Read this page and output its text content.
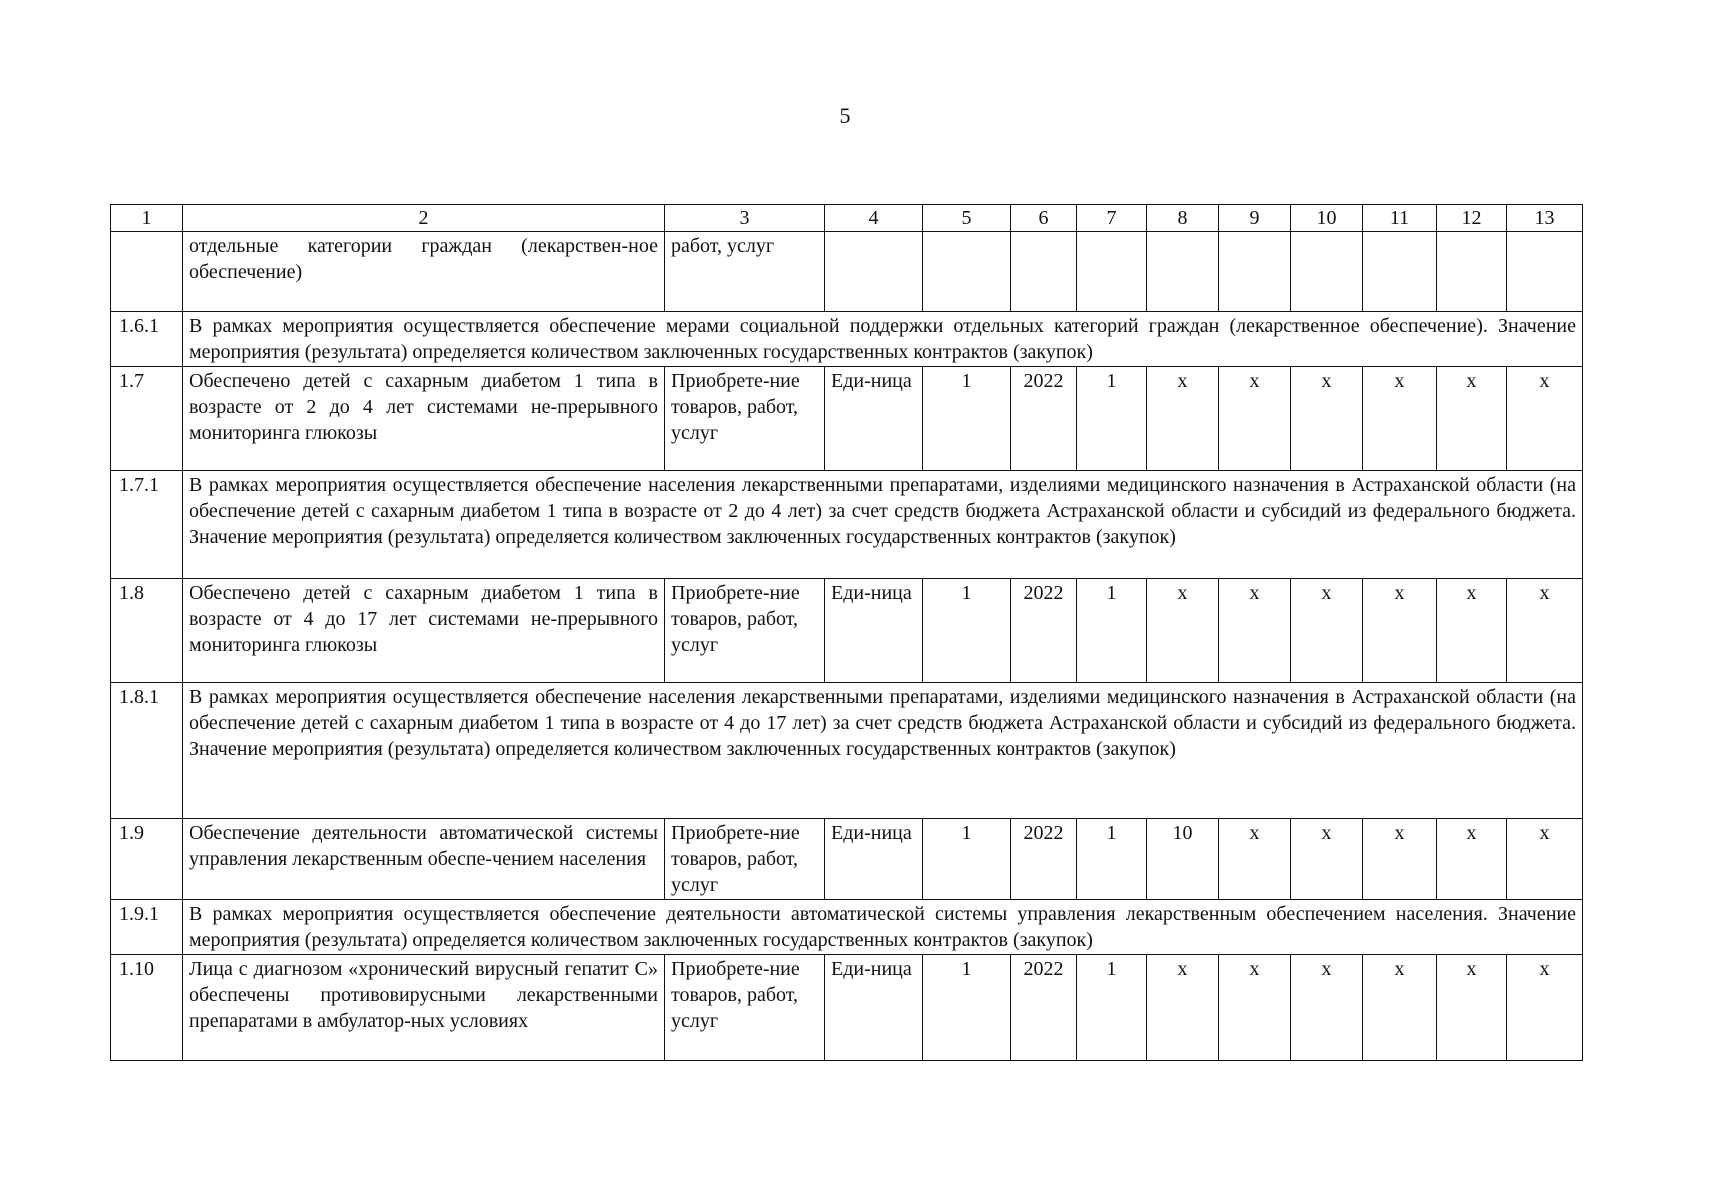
5
1	2	3	4	5	6	7	8	9	10	11	12	13
	отдельные категории граждан (лекарствен-ное обеспечение)	работ, услуг										
1.6.1	В рамках мероприятия осуществляется обеспечение мерами социальной поддержки отдельных категорий граждан (лекарственное обеспечение). Значение мероприятия (результата) определяется количеством заключенных государственных контрактов (закупок)											
1.7	Обеспечено детей с сахарным диабетом 1 типа в возрасте от 2 до 4 лет системами не-прерывного мониторинга глюкозы	Приобрете-ние товаров, работ, услуг	Еди-ница	1	2022	1	х	х	х	х	х	х
1.7.1	В рамках мероприятия осуществляется обеспечение населения лекарственными препаратами, изделиями медицинского назначения в Астраханской области (на обеспечение детей с сахарным диабетом 1 типа в возрасте от 2 до 4 лет) за счет средств бюджета Астраханской области и субсидий из федерального бюджета. Значение мероприятия (результата) определяется количеством заключенных государственных контрактов (закупок)											
1.8	Обеспечено детей с сахарным диабетом 1 типа в возрасте от 4 до 17 лет системами не-прерывного мониторинга глюкозы	Приобрете-ние товаров, работ, услуг	Еди-ница	1	2022	1	х	х	х	х	х	х
1.8.1	В рамках мероприятия осуществляется обеспечение населения лекарственными препаратами, изделиями медицинского назначения в Астраханской области (на обеспечение детей с сахарным диабетом 1 типа в возрасте от 4 до 17 лет) за счет средств бюджета Астраханской области и субсидий из федерального бюджета. Значение мероприятия (результата) определяется количеством заключенных государственных контрактов (закупок)											
1.9	Обеспечение деятельности автоматической системы управления лекарственным обеспе-чением населения	Приобрете-ние товаров, работ, услуг	Еди-ница	1	2022	1	10	х	х	х	х	х
1.9.1	В рамках мероприятия осуществляется обеспечение деятельности автоматической системы управления лекарственным обеспечением населения. Значение мероприятия (результата) определяется количеством заключенных государственных контрактов (закупок)											
1.10	Лица с диагнозом «хронический вирусный гепатит С» обеспечены противовирусными лекарственными препаратами в амбулатор-ных условиях	Приобрете-ние товаров, работ, услуг	Еди-ница	1	2022	1	х	х	х	х	х	х
